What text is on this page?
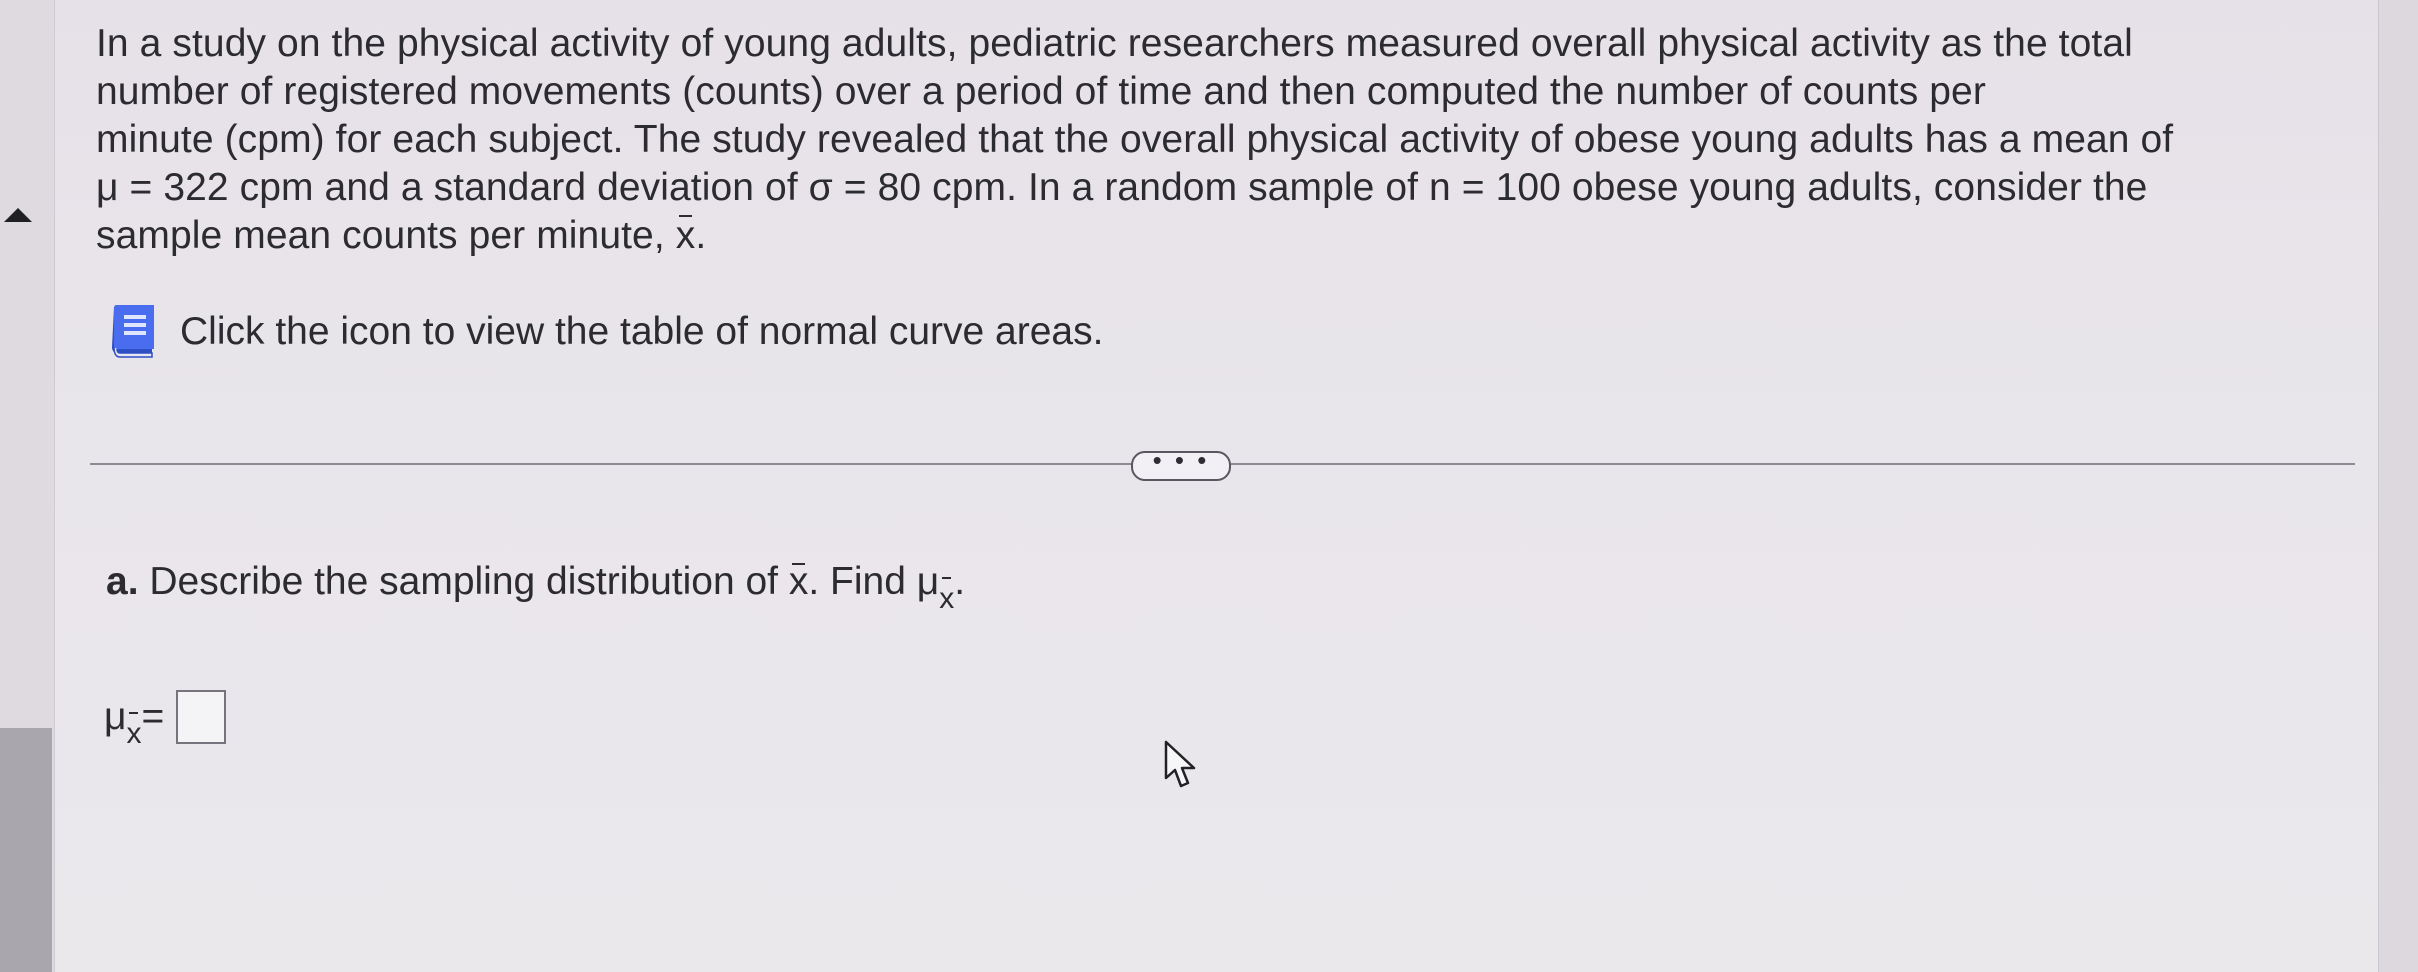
In a study on the physical activity of young adults, pediatric researchers measured overall physical activity as the total

number of registered movements (counts) over a period of time and then computed the number of counts per

minute (cpm) for each subject. The study revealed that the overall physical activity of obese young adults has a mean of

μ = 322 cpm and a standard deviation of σ = 80 cpm. In a random sample of n = 100 obese young adults, consider the

sample mean counts per minute, x.

Click the icon to view the table of normal curve areas.
• • •
a. Describe the sampling distribution of x. Find μx.
μx =
